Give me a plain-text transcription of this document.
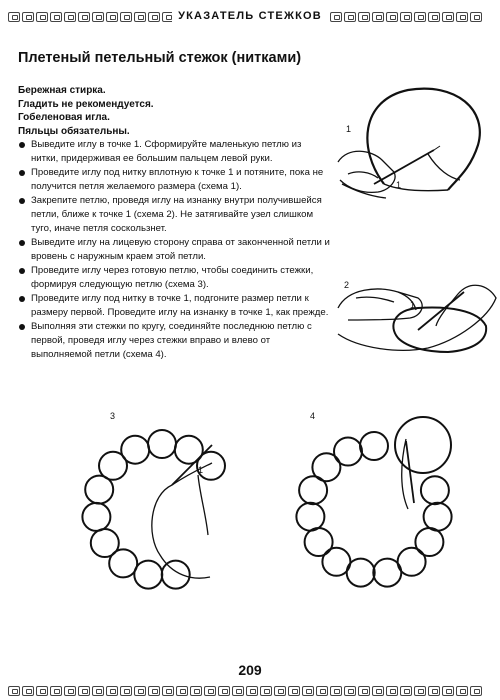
УКАЗАТЕЛЬ СТЕЖКОВ
Плетеный петельный стежок (нитками)
Бережная стирка.
Гладить не рекомендуется.
Гобеленовая игла.
Пяльцы обязательны.
Выведите иглу в точке 1. Сформируйте маленькую петлю из нитки, придерживая ее большим пальцем левой руки.
Проведите иглу под нитку вплотную к точке 1 и потяните, пока не получится петля желаемого размера (схема 1).
Закрепите петлю, проведя иглу на изнанку внутри получившейся петли, ближе к точке 1 (схема 2). Не затягивайте узел слишком туго, иначе петля соскользнет.
Выведите иглу на лицевую сторону справа от законченной петли и вровень с наружным краем этой петли.
Проведите иглу через готовую петлю, чтобы соединить стежки, формируя следующую петлю (схема 3).
Проведите иглу под нитку в точке 1, подгоните размер петли к размеру первой. Проведите иглу на изнанку в точке 1, как прежде.
Выполняя эти стежки по кругу, соединяйте последнюю петлю с первой, проведя иглу через стежки вправо и влево от выполняемой петли (схема 4).
1
1
2
1
3
1
4
209
